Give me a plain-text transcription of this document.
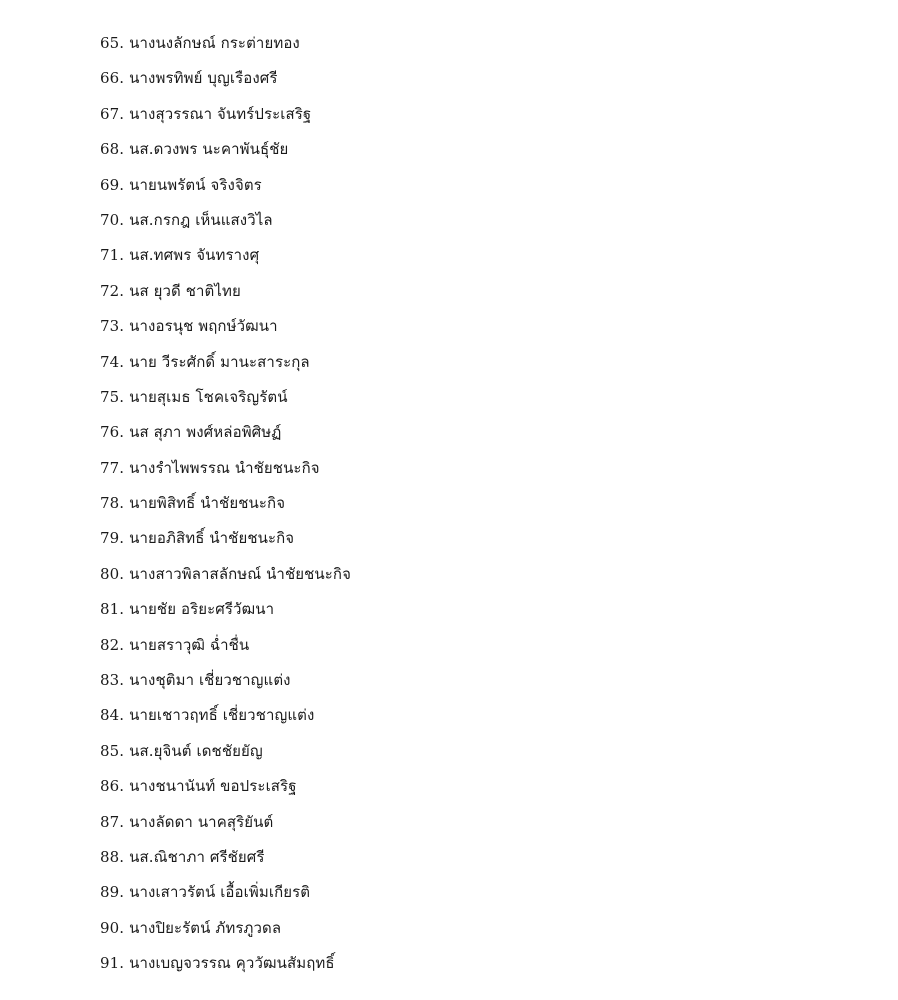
65. นางนงลักษณ์ กระต่ายทอง
66. นางพรทิพย์ บุญเรืองศรี
67. นางสุวรรณา จันทร์ประเสริฐ
68. นส.ดวงพร นะคาพันธุ์ชัย
69. นายนพรัตน์ จริงจิตร
70. นส.กรกฎ เห็นแสงวิไล
71. นส.ทศพร จันทรางศุ
72. นส ยุวดี ชาติไทย
73. นางอรนุช พฤกษ์วัฒนา
74. นาย วีระศักดิ์ มานะสาระกุล
75. นายสุเมธ โชคเจริญรัตน์
76. นส สุภา พงศ์หล่อพิศิษฏ์
77. นางรำไพพรรณ นำชัยชนะกิจ
78. นายพิสิทธิ์ นำชัยชนะกิจ
79. นายอภิสิทธิ์ นำชัยชนะกิจ
80. นางสาวพิลาสลักษณ์ นำชัยชนะกิจ
81. นายชัย อริยะศรีวัฒนา
82. นายสราวุฒิ ฉ่ำชื่น
83. นางชุติมา เชี่ยวชาญแต่ง
84. นายเชาวฤทธิ์ เชี่ยวชาญแต่ง
85. นส.ยุจินต์ เดชชัยยัญ
86. นางชนานันท์ ขอประเสริฐ
87. นางลัดดา นาคสุริยันต์
88. นส.ณิชาภา ศรีชัยศรี
89. นางเสาวรัตน์ เอื้อเพิ่มเกียรติ
90. นางปิยะรัตน์ ภัทรภูวดล
91. นางเบญจวรรณ คุววัฒนสัมฤทธิ์
